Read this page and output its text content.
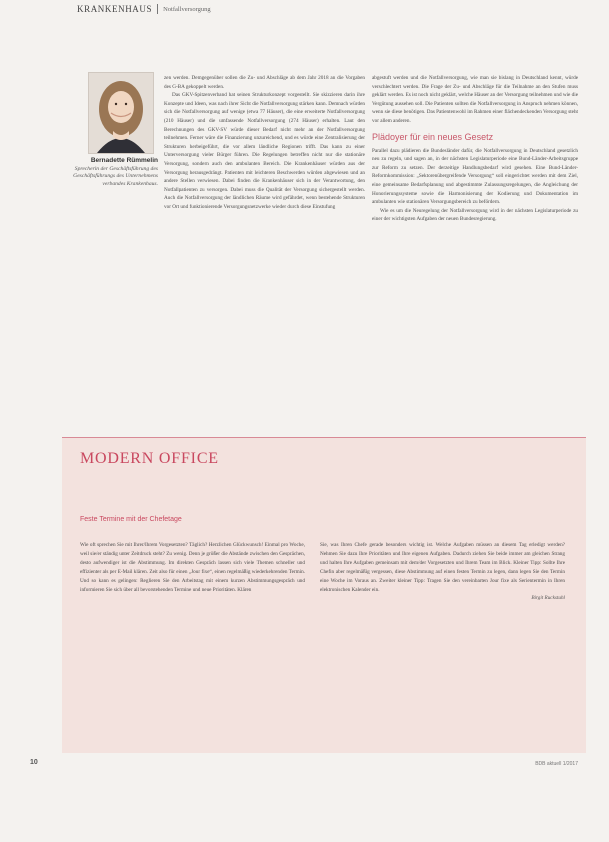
KRANKENHAUS Notfallversorgung
Bernadette Rümmelin
Sprecherin der Geschäftsführung des Geschäftsführungs des Unternehmens verbandes Krankenhaus.

zen werden. Demgegenüber sollen die Zu- und Abschläge ab dem Jahr 2018 an die Vorgaben des G-BA gekoppelt werden.

Das GKV-Spitzenverband hat seinen Strukturkonzept vorgestellt. Sie skizzieren darin ihre Konzepte und Ideen, was nach ihrer Sicht die Notfallversorgung stärken kann. Demnach würden sich die Notfallversorgung auf wenige (etwa 77 Häuser), die eine erweiterte Notfallversorgung (210 Häuser) und die umfassende Notfallversorgung (274 Häuser) erhalten. Laut den Berechnungen des GKV-SV würde dieser Bedarf nicht mehr an der Notfallversorgung teilnehmen. Ferner wäre die Finanzierung unzureichend, und es würde eine Zentralisierung der Strukturen herbeigeführt, die vor allem ländliche Regionen trifft. Das kann zu einer Unterversorgung vieler Bürger führen. Die Regelungen betreffen nicht nur die stationäre Versorgung, sondern auch den ambulanten Bereich. Die Krankenhäuser würden aus der Versorgung herausgedrängt. Patienten mit leichteren Beschwerden würden abgewiesen und an andere Stellen verwiesen. Dabei finden die Krankenhäuser sich in der Verantwortung, den Notfallpatienten zu versorgen. Dabei muss die Qualität der Versorgung sichergestellt werden. Auch die Notfallversorgung der ländlichen Räume wird gefährdet, wenn bestehende Strukturen vor Ort und funktionierende Versorgungsnetzwerke wieder durch diese Einstufung

abgestuft werden und die Notfallversorgung, wie man sie bislang in Deutschland kennt, würde verschlechtert werden. Die Frage der Zu- und Abschläge für die Teilnahme an den Stufen muss geklärt werden. Es ist noch nicht geklärt, welche Häuser an der Versorgung teilnehmen und wie die Vergütung aussehen soll. Die Patienten sollten die Notfallversorgung in Anspruch nehmen können, wenn sie diese benötigen. Das Patientenwohl im Rahmen einer flächendeckenden Versorgung steht vor allem anderen.

Plädoyer für ein neues Gesetz

Parallel dazu plädieren die Bundesländer dafür, die Notfallversorgung in Deutschland gesetzlich neu zu regeln, und sagen an, in der nächsten Legislaturperiode eine Bund-Länder-Arbeitsgruppe zur Reform zu setzen. Der derzeitige Handlungsbedarf wird gesehen. Eine Bund-Länder-Reformkommission: „Sektorenübergreifende Versorgung“ soll eingerichtet werden mit dem Ziel, eine gemeinsame Bedarfsplanung und abgestimmte Zulassungsregelungen, die Angleichung der Honorierungssysteme sowie die Harmonisierung der Kodierung und Dokumentation im ambulanten wie stationären Versorgungsbereich zu befördern.

Wie es um die Neuregelung der Notfallversorgung wird in der nächsten Legislaturperiode zu einer der wichtigsten Aufgaben der neuen Bundesregierung.

MODERN OFFICE
Feste Termine mit der Chefetage

Wie oft sprechen Sie mit Ihrer/Ihrem Vorgesetzten? Täglich? Herzlichen Glückwunsch! Einmal pro Woche, weil sie/er ständig unter Zeitdruck steht? Zu wenig. Denn je größer die Abstände zwischen den Gesprächen, desto aufwendiger ist die Abstimmung. Im direkten Gespräch lassen sich viele Themen schneller und effizienter als per E-Mail klären. Zeit also für einen „Jour fixe“, einen regelmäßig wiederkehrenden Termin. Und so kann es gelingen: Reglieren Sie den Arbeitstag mit einem kurzen Abstimmungsgespräch und informieren Sie sich über all bevorstehenden Termine und neue Prioritäten. Klären

Sie, was Ihren Chefe gerade besonders wichtig ist. Welche Aufgaben müssen an diesem Tag erledigt werden? Nehmen Sie dazu Ihre Prioritäten und Ihre eigenen Aufgaben. Dadurch ziehen Sie beide immer am gleichen Strang und halten Ihre Aufgaben gemeinsam mit dem/der Vorgesetzten und Ihrem Team im Blick. Kleiner Tipp: Sollte Ihre Chefin aber regelmäßig vergessen, diese Abstimmung auf einen festen Termin zu legen, dann legen Sie den Termin eine Woche im Voraus an. Zweiter kleiner Tipp: Tragen Sie den vereinbarten Jour fixe als Serientermin in Ihren elektronischen Kalender ein.

Birgit Ruckstuhl
10	BDB aktuell 1/2017
